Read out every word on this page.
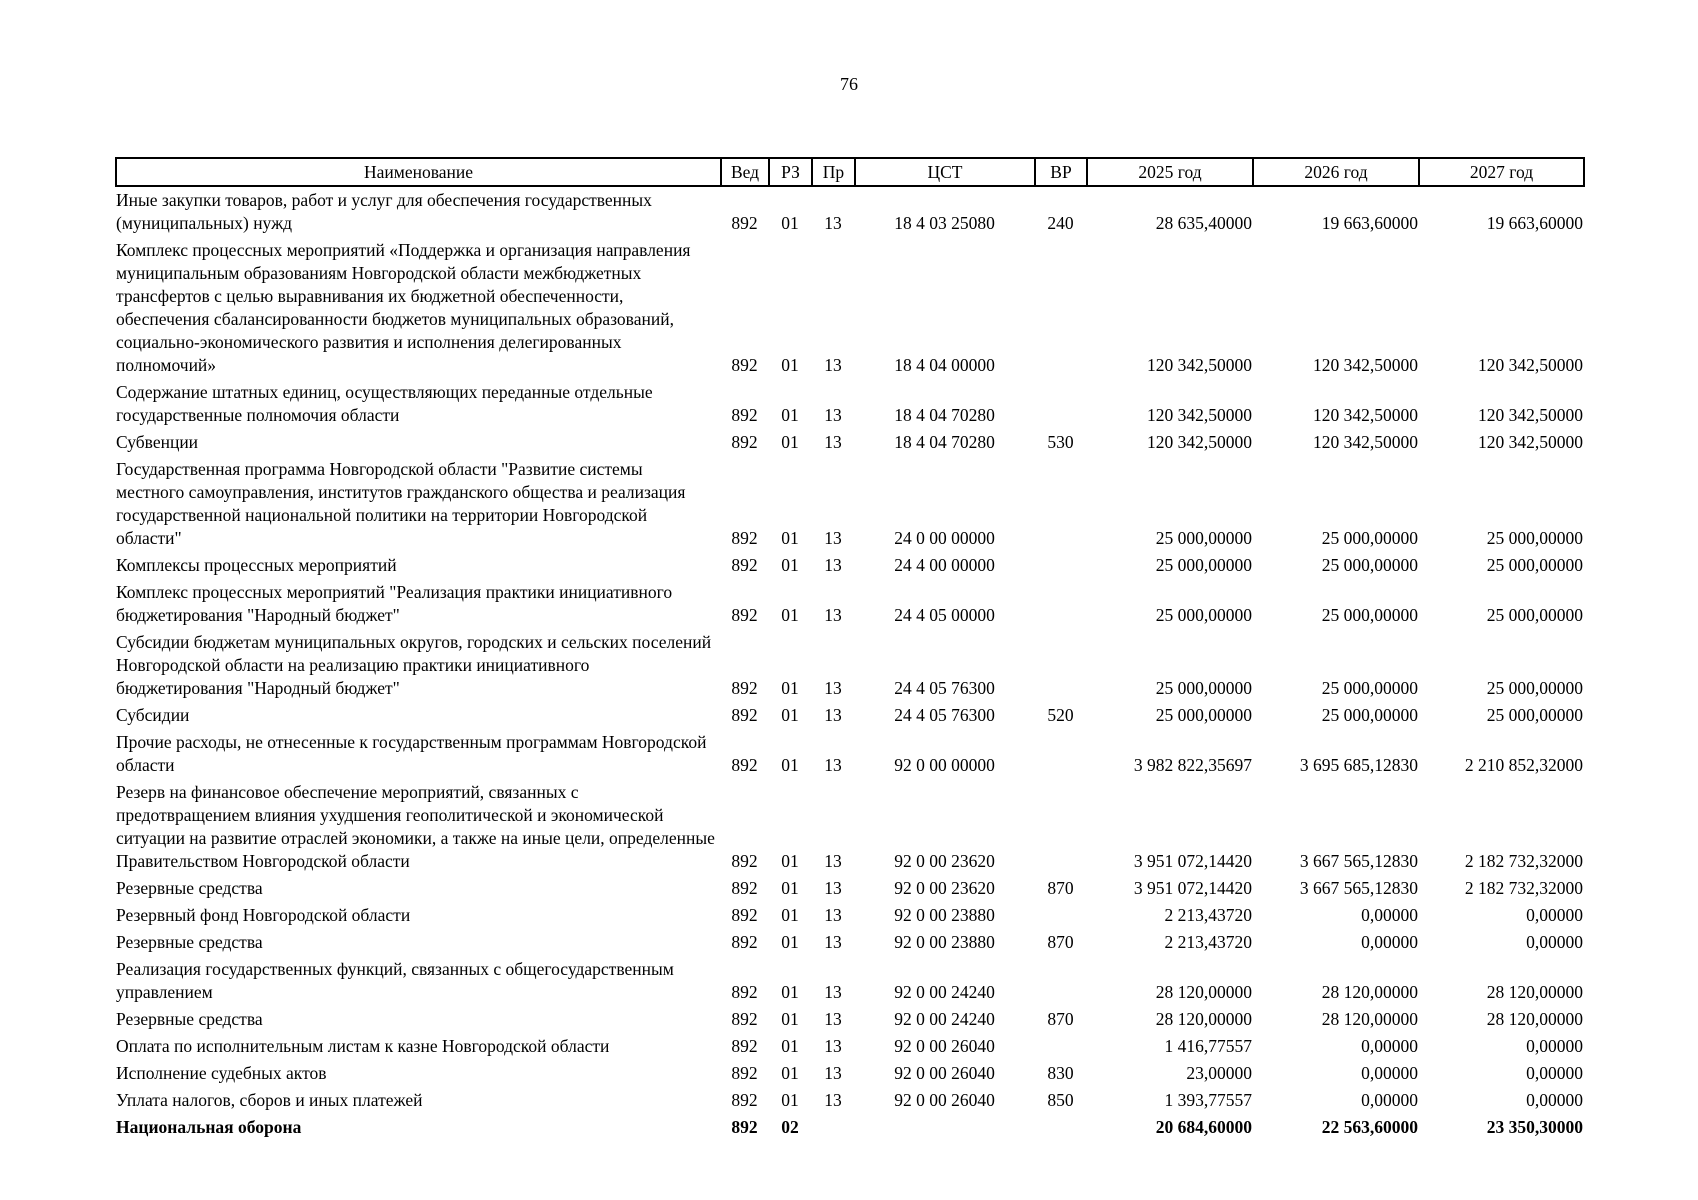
76
Наименование	Вед	РЗ	Пр	ЦСТ	ВР	2025 год	2026 год	2027 год
Иные закупки товаров, работ и услуг для обеспечения государственных (муниципальных) нужд	892	01	13	18 4 03 25080	240	28 635,40000	19 663,60000	19 663,60000
Комплекс процессных мероприятий «Поддержка и организация направления муниципальным образованиям Новгородской области межбюджетных трансфертов с целью выравнивания их бюджетной обеспеченности, обеспечения сбалансированности бюджетов муниципальных образований, социально-экономического развития и исполнения делегированных полномочий»	892	01	13	18 4 04 00000		120 342,50000	120 342,50000	120 342,50000
Содержание штатных единиц, осуществляющих переданные отдельные государственные полномочия области	892	01	13	18 4 04 70280		120 342,50000	120 342,50000	120 342,50000
Субвенции	892	01	13	18 4 04 70280	530	120 342,50000	120 342,50000	120 342,50000
Государственная программа Новгородской области "Развитие системы местного самоуправления, институтов гражданского общества и реализация государственной национальной политики на территории Новгородской области"	892	01	13	24 0 00 00000		25 000,00000	25 000,00000	25 000,00000
Комплексы процессных мероприятий	892	01	13	24 4 00 00000		25 000,00000	25 000,00000	25 000,00000
Комплекс процессных мероприятий "Реализация практики инициативного бюджетирования "Народный бюджет"	892	01	13	24 4 05 00000		25 000,00000	25 000,00000	25 000,00000
Субсидии бюджетам муниципальных округов, городских и сельских поселений Новгородской области на реализацию практики инициативного бюджетирования "Народный бюджет"	892	01	13	24 4 05 76300		25 000,00000	25 000,00000	25 000,00000
Субсидии	892	01	13	24 4 05 76300	520	25 000,00000	25 000,00000	25 000,00000
Прочие расходы, не отнесенные к государственным программам Новгородской области	892	01	13	92 0 00 00000		3 982 822,35697	3 695 685,12830	2 210 852,32000
Резерв на финансовое обеспечение мероприятий, связанных с предотвращением влияния ухудшения геополитической и экономической ситуации на развитие отраслей экономики, а также на иные цели, определенные Правительством Новгородской области	892	01	13	92 0 00 23620		3 951 072,14420	3 667 565,12830	2 182 732,32000
Резервные средства	892	01	13	92 0 00 23620	870	3 951 072,14420	3 667 565,12830	2 182 732,32000
Резервный фонд Новгородской области	892	01	13	92 0 00 23880		2 213,43720	0,00000	0,00000
Резервные средства	892	01	13	92 0 00 23880	870	2 213,43720	0,00000	0,00000
Реализация государственных функций, связанных с общегосударственным управлением	892	01	13	92 0 00 24240		28 120,00000	28 120,00000	28 120,00000
Резервные средства	892	01	13	92 0 00 24240	870	28 120,00000	28 120,00000	28 120,00000
Оплата по исполнительным листам к казне Новгородской области	892	01	13	92 0 00 26040		1 416,77557	0,00000	0,00000
Исполнение судебных актов	892	01	13	92 0 00 26040	830	23,00000	0,00000	0,00000
Уплата налогов, сборов и иных платежей	892	01	13	92 0 00 26040	850	1 393,77557	0,00000	0,00000
Национальная оборона	892	02				20 684,60000	22 563,60000	23 350,30000
